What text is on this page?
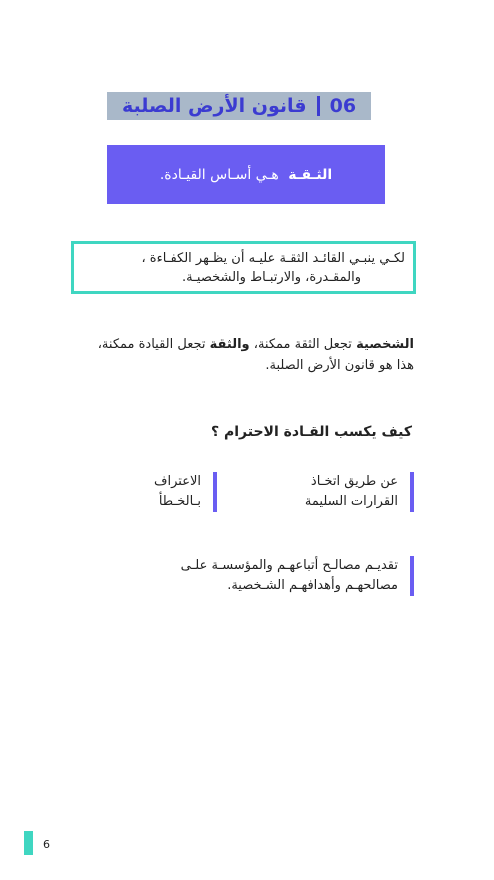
06
قانون الأرض الصلبة
الثـقـة هـي أسـاس القيـادة.

لكـي ينبـي القائـد الثقـة عليـه أن يظـهر الكفـاءة ،

والمقـدرة، والارتبـاط والشخصيـة.

الشخصية تجعل الثقة ممكنة، والثقة تجعل القيادة ممكنة،

هذا هو قانون الأرض الصلبة.

كيف يكسب القـادة الاحترام ؟

عن طريق اتخـاذ

القرارات السليمة

الاعتراف

بـالخـطأ

تقديـم مصالـح أتباعهـم والمؤسسـة علـى

مصالحهـم وأهدافهـم الشـخصية.

6
